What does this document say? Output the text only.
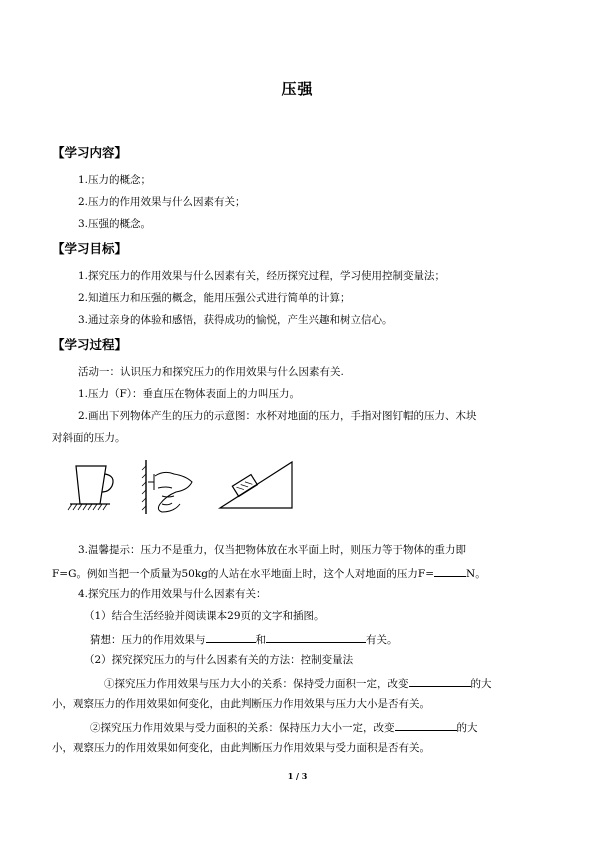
压强
【学习内容】
1.压力的概念；
2.压力的作用效果与什么因素有关；
3.压强的概念。
【学习目标】
1.探究压力的作用效果与什么因素有关，经历探究过程，学习使用控制变量法；
2.知道压力和压强的概念，能用压强公式进行简单的计算；
3.通过亲身的体验和感悟，获得成功的愉悦，产生兴趣和树立信心。
【学习过程】
活动一：认识压力和探究压力的作用效果与什么因素有关.
1.压力（F）：垂直压在物体表面上的力叫压力。
2.画出下列物体产生的压力的示意图：水杯对地面的压力，手指对图钉帽的压力、木块
对斜面的压力。
3.温馨提示：压力不是重力，仅当把物体放在水平面上时，则压力等于物体的重力即
F=G。例如当把一个质量为50kg的人站在水平地面上时，这个人对地面的压力F=	N。
4.探究压力的作用效果与什么因素有关：
（1）结合生活经验并阅读课本29页的文字和插图。
猜想：压力的作用效果与	和	有关。
（2）探究探究压力的与什么因素有关的方法：控制变量法
①探究压力作用效果与压力大小的关系：保持受力面积一定，改变	的大
小，观察压力的作用效果如何变化，由此判断压力作用效果与压力大小是否有关。
②探究压力作用效果与受力面积的关系：保持压力大小一定，改变	的大
小，观察压力的作用效果如何变化，由此判断压力作用效果与受力面积是否有关。
1 / 3
